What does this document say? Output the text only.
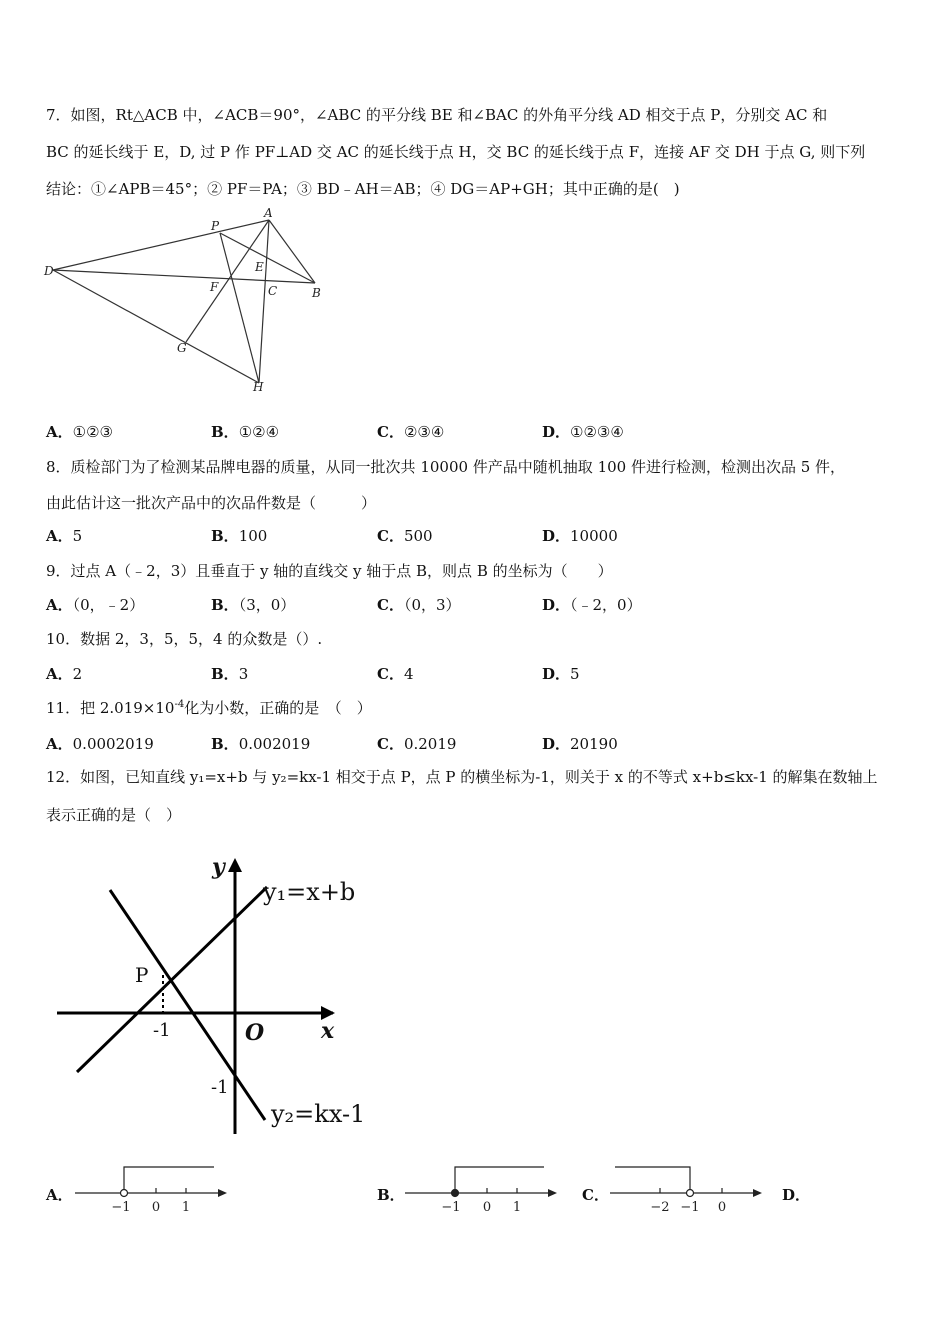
7．如图，Rt△ACB 中，∠ACB＝90°，∠ABC 的平分线 BE 和∠BAC 的外角平分线 AD 相交于点 P，分别交 AC 和
BC 的延长线于 E，D, 过 P 作 PF⊥AD 交 AC 的延长线于点 H，交 BC 的延长线于点 F，连接 AF 交 DH 于点 G, 则下列
结论：①∠APB＝45°；② PF＝PA；③ BD﹣AH＝AB；④ DG＝AP+GH；其中正确的是(　)
P
A
D	E
F	C	B
G
H
A．①②③	B．①②④	C．②③④	D．①②③④
8．质检部门为了检测某品牌电器的质量，从同一批次共 10000 件产品中随机抽取 100 件进行检测，检测出次品 5 件，
由此估计这一批次产品中的次品件数是（　　　）
A．5	B．100	C．500	D．10000
9．过点 A（﹣2，3）且垂直于 y 轴的直线交 y 轴于点 B，则点 B 的坐标为（　　）
A．（0，﹣2）	B．（3，0）	C．（0，3）	D．（﹣2，0）
10．数据 2，3，5，5，4 的众数是（）.
A．2	B．3	C．4	D．5
11．把 $2.019\times 10^{-4}$化为小数，正确的是　（　）
A．0.0002019	B．0.002019	C．0.2019	D．20190
12．如图，已知直线 y₁=x+b 与 y₂=kx-1 相交于点 P，点 P 的横坐标为-1，则关于 x 的不等式 x+b≤kx-1 的解集在数轴上
表示正确的是（　）
y
x
O
P
-1
-1
y₁=x+b
y₂=kx-1
A．
−1 0 1
B．
−1 0 1
C．
−2 −1 0
D．
